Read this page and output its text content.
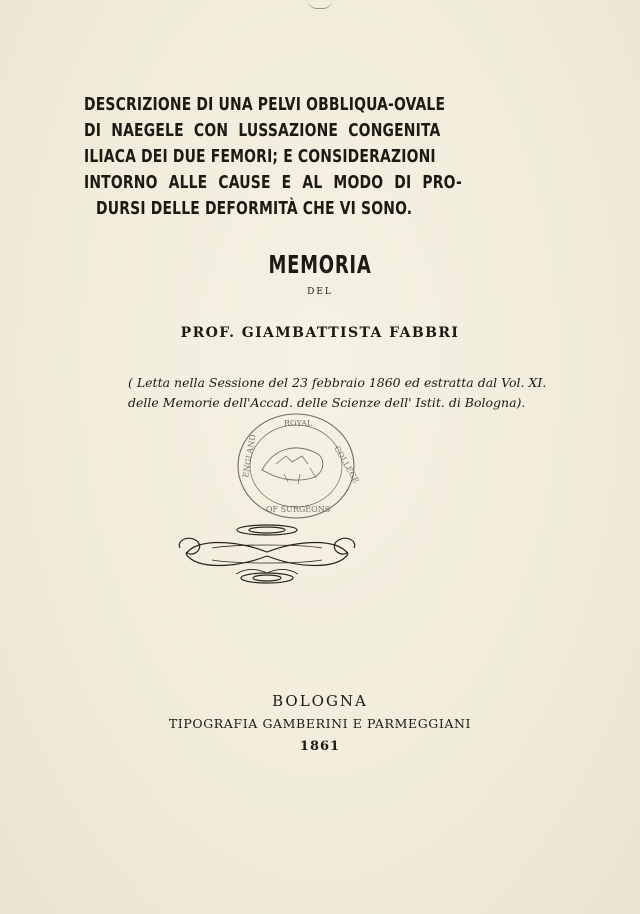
DESCRIZIONE DI UNA PELVI OBBLIQUA-OVALE
DI NAEGELE CON LUSSAZIONE CONGENITA
ILIACA DEI DUE FEMORI; E CONSIDERAZIONI
INTORNO ALLE CAUSE E AL MODO DI PRO-
DURSI DELLE DEFORMITÀ CHE VI SONO.
MEMORIA
DEL
PROF. GIAMBATTISTA FABBRI
( Letta nella Sessione del 23 febbraio 1860 ed estratta dal Vol. XI.
delle Memorie dell'Accad. delle Scienze dell' Istit. di Bologna).
ROYAL
COLLEGE
ENGLAND
OF SURGEONS
BOLOGNA
TIPOGRAFIA GAMBERINI E PARMEGGIANI
1861
